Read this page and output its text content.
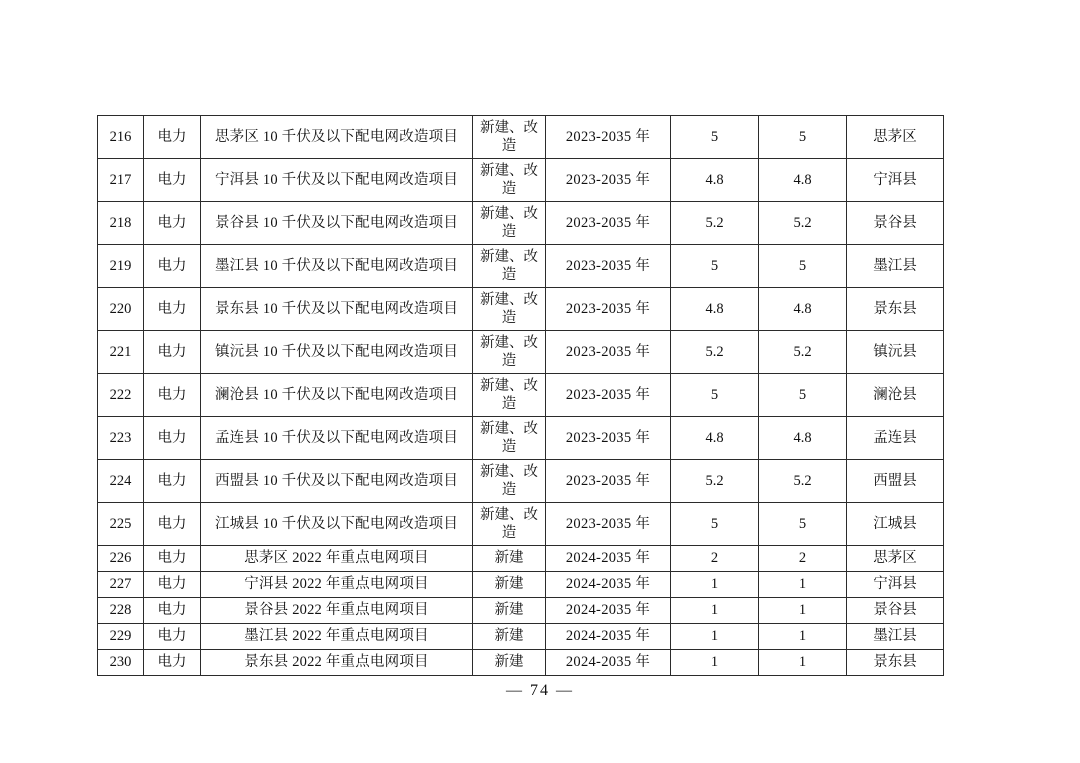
216	电力	思茅区 10 千伏及以下配电网改造项目	新建、改造	2023-2035 年	5	5	思茅区
217	电力	宁洱县 10 千伏及以下配电网改造项目	新建、改造	2023-2035 年	4.8	4.8	宁洱县
218	电力	景谷县 10 千伏及以下配电网改造项目	新建、改造	2023-2035 年	5.2	5.2	景谷县
219	电力	墨江县 10 千伏及以下配电网改造项目	新建、改造	2023-2035 年	5	5	墨江县
220	电力	景东县 10 千伏及以下配电网改造项目	新建、改造	2023-2035 年	4.8	4.8	景东县
221	电力	镇沅县 10 千伏及以下配电网改造项目	新建、改造	2023-2035 年	5.2	5.2	镇沅县
222	电力	澜沧县 10 千伏及以下配电网改造项目	新建、改造	2023-2035 年	5	5	澜沧县
223	电力	孟连县 10 千伏及以下配电网改造项目	新建、改造	2023-2035 年	4.8	4.8	孟连县
224	电力	西盟县 10 千伏及以下配电网改造项目	新建、改造	2023-2035 年	5.2	5.2	西盟县
225	电力	江城县 10 千伏及以下配电网改造项目	新建、改造	2023-2035 年	5	5	江城县
226	电力	思茅区 2022 年重点电网项目	新建	2024-2035 年	2	2	思茅区
227	电力	宁洱县 2022 年重点电网项目	新建	2024-2035 年	1	1	宁洱县
228	电力	景谷县 2022 年重点电网项目	新建	2024-2035 年	1	1	景谷县
229	电力	墨江县 2022 年重点电网项目	新建	2024-2035 年	1	1	墨江县
230	电力	景东县 2022 年重点电网项目	新建	2024-2035 年	1	1	景东县
— 74 —
